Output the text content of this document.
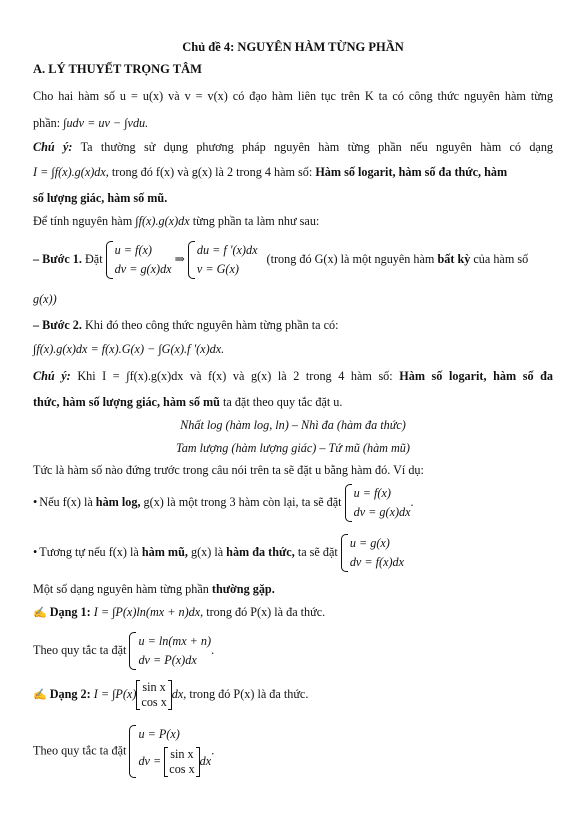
Chủ đề 4: NGUYÊN HÀM TỪNG PHẦN
A. LÝ THUYẾT TRỌNG TÂM
Cho hai hàm số u = u(x) và v = v(x) có đạo hàm liên tục trên K ta có công thức nguyên hàm từng
phần: ∫udv = uv − ∫vdu.
Chú ý: Ta thường sử dụng phương pháp nguyên hàm từng phần nếu nguyên hàm có dạng
I = ∫f(x).g(x)dx, trong đó f(x) và g(x) là 2 trong 4 hàm số: Hàm số logarit, hàm số đa thức, hàm
số lượng giác, hàm số mũ.
Để tính nguyên hàm ∫f(x).g(x)dx từng phần ta làm như sau:
– Bước 1. Đặt
u = f(x)
dv = g(x)dx
⇒
du = f '(x)dx
v = G(x)
(trong đó G(x) là một nguyên hàm bất kỳ của hàm số
g(x))
– Bước 2. Khi đó theo công thức nguyên hàm từng phần ta có:
∫f(x).g(x)dx = f(x).G(x) − ∫G(x).f '(x)dx.
Chú ý: Khi I = ∫f(x).g(x)dx và f(x) và g(x) là 2 trong 4 hàm số: Hàm số logarit, hàm số đa
thức, hàm số lượng giác, hàm số mũ ta đặt theo quy tắc đặt u.
Nhất log (hàm log, ln) – Nhì đa (hàm đa thức)
Tam lượng (hàm lượng giác) – Tứ mũ (hàm mũ)
Tức là hàm số nào đứng trước trong câu nói trên ta sẽ đặt u bằng hàm đó. Ví dụ:
• Nếu f(x) là hàm log, g(x) là một trong 3 hàm còn lại, ta sẽ đặt
u = f(x)
dv = g(x)dx
.
• Tương tự nếu f(x) là hàm mũ, g(x) là hàm đa thức, ta sẽ đặt
u = g(x)
dv = f(x)dx
Một số dạng nguyên hàm từng phần thường gặp.
✍ Dạng 1: I = ∫P(x)ln(mx + n)dx, trong đó P(x) là đa thức.
Theo quy tắc ta đặt
u = ln(mx + n)
dv = P(x)dx
.
✍ Dạng 2: I = ∫P(x) sin x
cos x
dx, trong đó P(x) là đa thức.
Theo quy tắc ta đặt
u = P(x)
dv = sin x
cos x
dx
.
